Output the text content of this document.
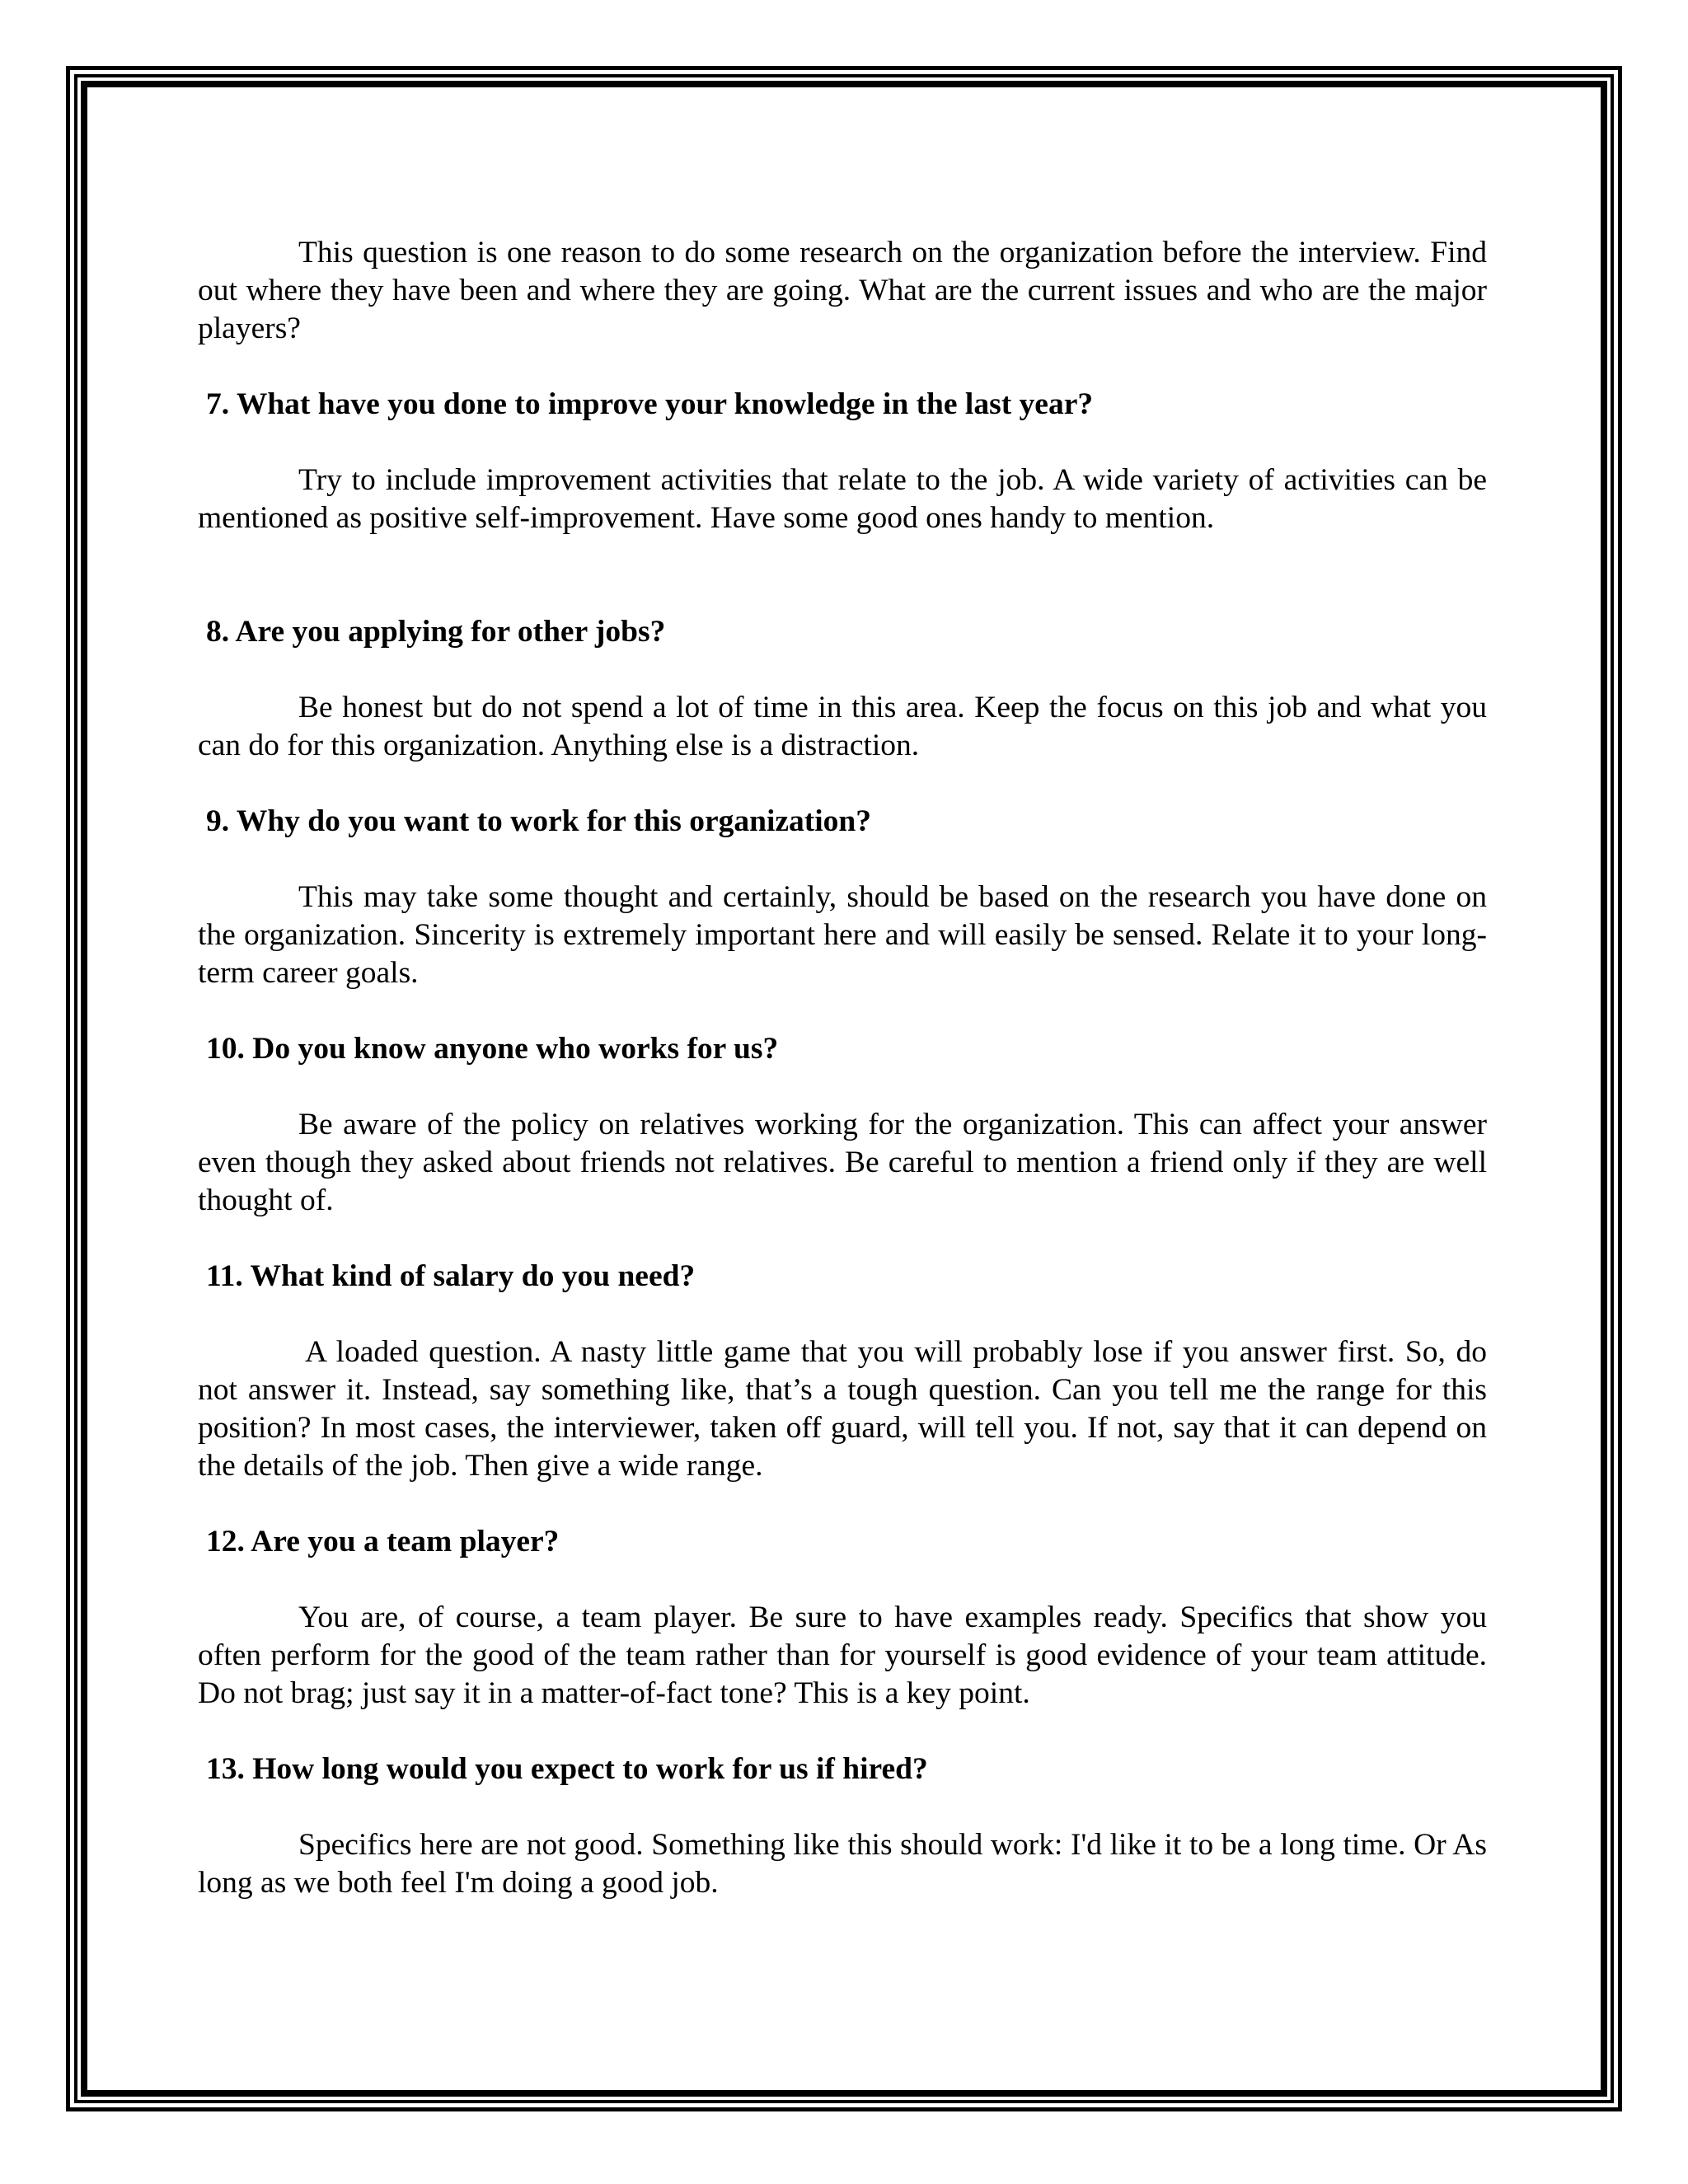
This question is one reason to do some research on the organization before the interview. Find out where they have been and where they are going. What are the current issues and who are the major players?

7. What have you done to improve your knowledge in the last year?

Try to include improvement activities that relate to the job. A wide variety of activities can be mentioned as positive self-improvement. Have some good ones handy to mention.

8. Are you applying for other jobs?

Be honest but do not spend a lot of time in this area. Keep the focus on this job and what you can do for this organization. Anything else is a distraction.

9. Why do you want to work for this organization?

This may take some thought and certainly, should be based on the research you have done on the organization. Sincerity is extremely important here and will easily be sensed. Relate it to your long-term career goals.

10. Do you know anyone who works for us?

Be aware of the policy on relatives working for the organization. This can affect your answer even though they asked about friends not relatives. Be careful to mention a friend only if they are well thought of.

11. What kind of salary do you need?

A loaded question. A nasty little game that you will probably lose if you answer first. So, do not answer it. Instead, say something like, that’s a tough question. Can you tell me the range for this position? In most cases, the interviewer, taken off guard, will tell you. If not, say that it can depend on the details of the job. Then give a wide range.

12. Are you a team player?

You are, of course, a team player. Be sure to have examples ready. Specifics that show you often perform for the good of the team rather than for yourself is good evidence of your team attitude. Do not brag; just say it in a matter-of-fact tone? This is a key point.

13. How long would you expect to work for us if hired?

Specifics here are not good. Something like this should work: I'd like it to be a long time. Or As long as we both feel I'm doing a good job.
